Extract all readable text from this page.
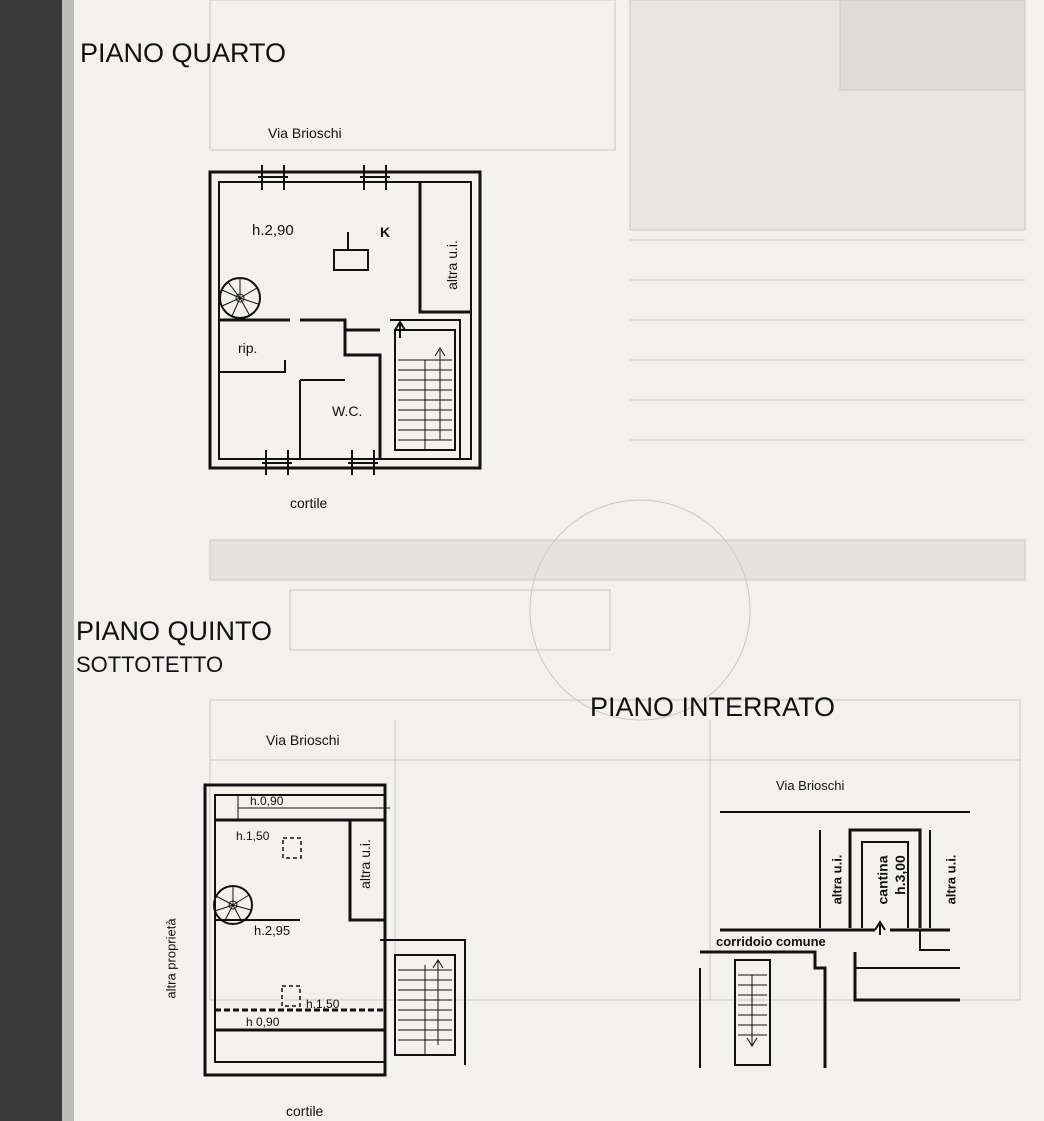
PIANO QUARTO
PIANO QUINTO
SOTTOTETTO
PIANO INTERRATO
Via Brioschi
cortile
h.2,90	K
altra u.i.
rip.
W.C.
Via Brioschi
cortile
altra proprietà
altra u.i.
h.0,90
h.1,50
h.2,95
h.1,50
h 0,90
Via Brioschi
cantina h.3,00
altra u.i.	altra u.i.
corridoio comune
